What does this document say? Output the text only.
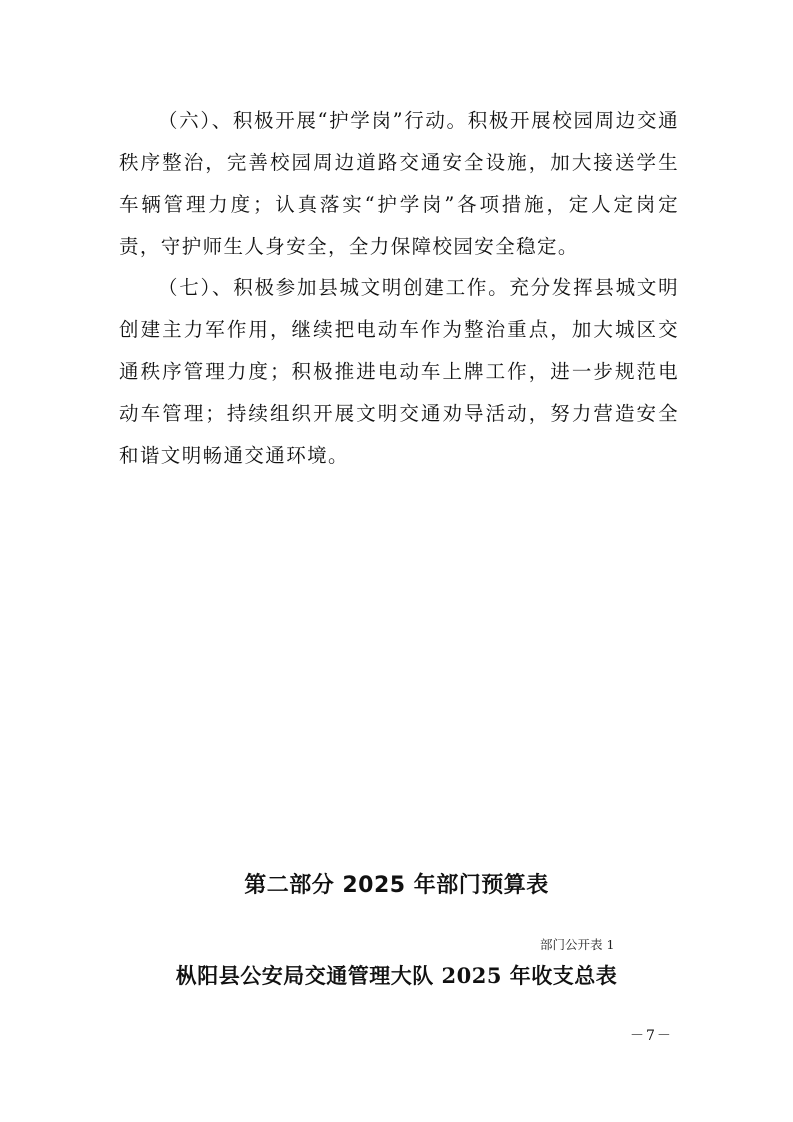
（六）、积极开展“护学岗”行动。积极开展校园周边交通秩序整治，完善校园周边道路交通安全设施，加大接送学生车辆管理力度；认真落实“护学岗”各项措施，定人定岗定责，守护师生人身安全，全力保障校园安全稳定。

（七）、积极参加县城文明创建工作。充分发挥县城文明创建主力军作用，继续把电动车作为整治重点，加大城区交通秩序管理力度；积极推进电动车上牌工作，进一步规范电动车管理；持续组织开展文明交通劝导活动，努力营造安全和谐文明畅通交通环境。

第二部分 2025 年部门预算表

部门公开表 1

枞阳县公安局交通管理大队 2025 年收支总表

－7－
